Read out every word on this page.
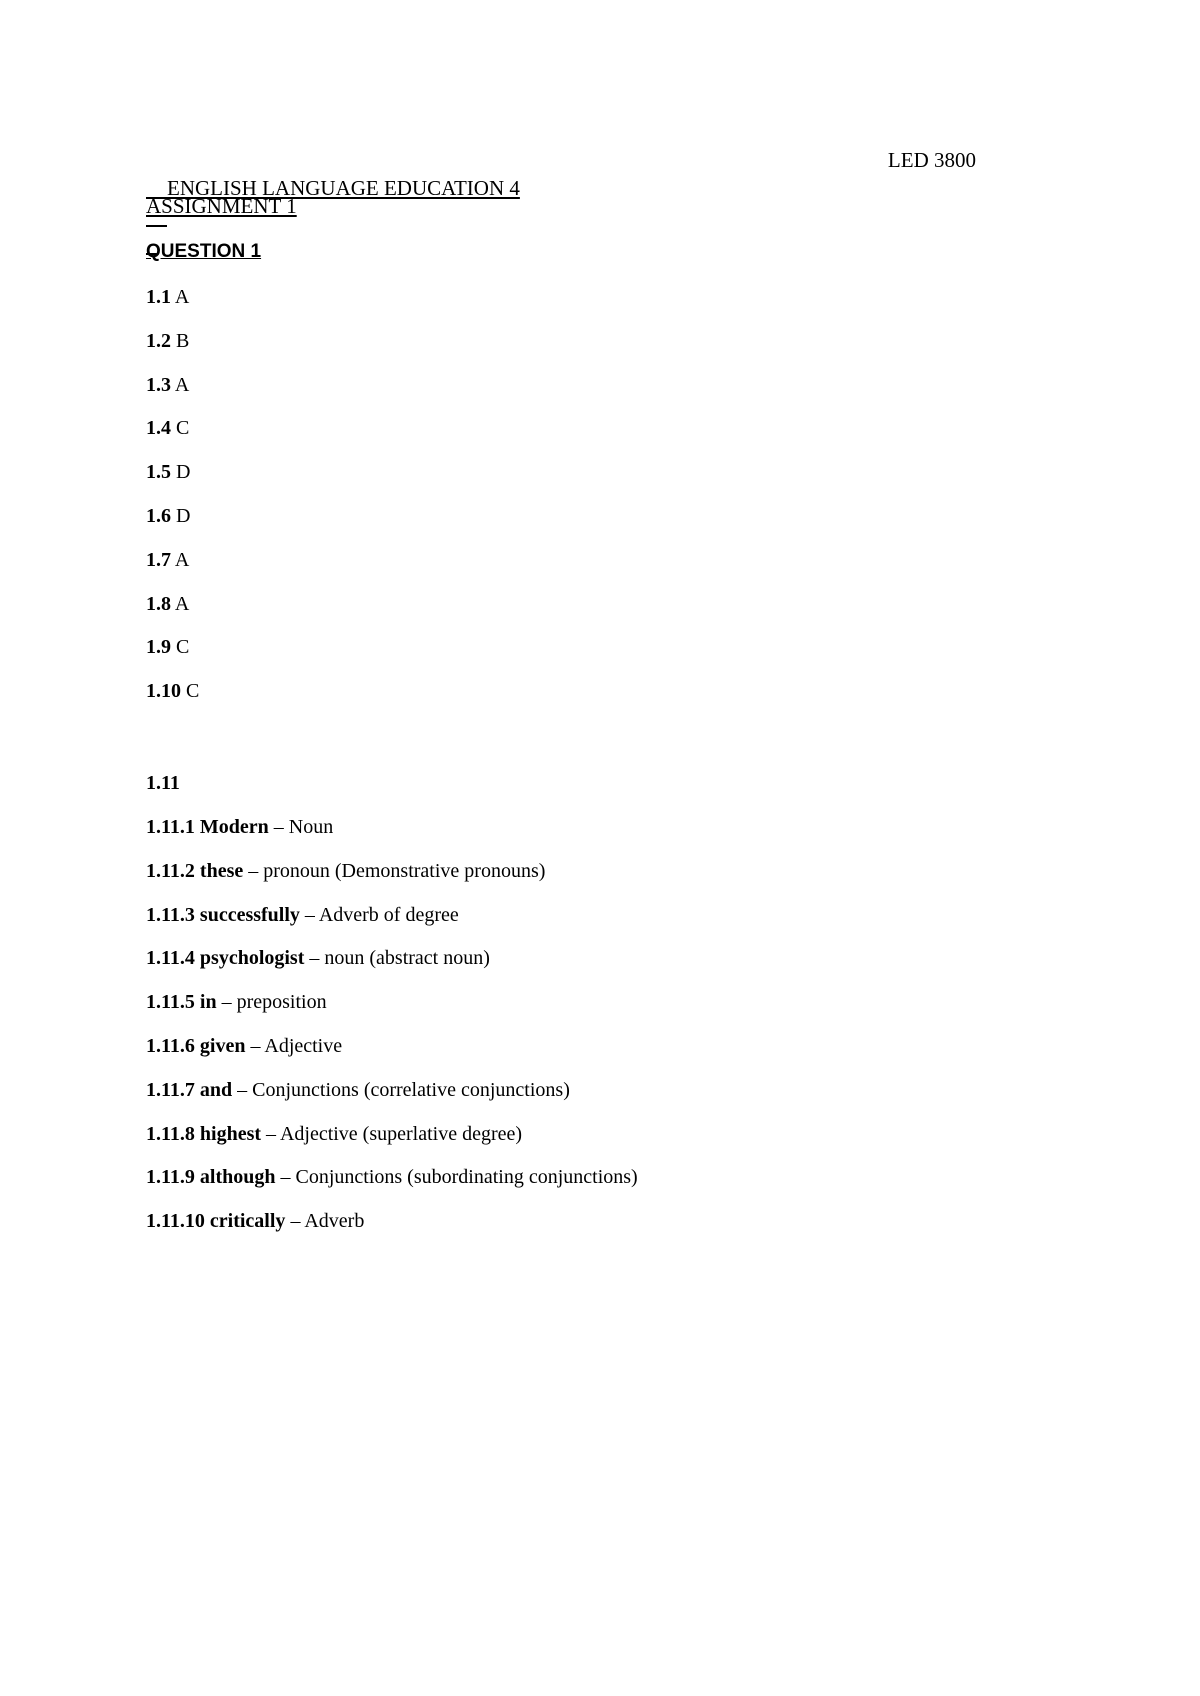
ENGLISH LANGUAGE EDUCATION 4

LED 3800

ASSIGNMENT 1
QUESTION 1
1.1 A
1.2 B
1.3 A
1.4 C
1.5 D
1.6 D
1.7 A
1.8 A
1.9 C
1.10 C
1.11
1.11.1 Modern – Noun
1.11.2 these – pronoun (Demonstrative pronouns)
1.11.3 successfully – Adverb of degree
1.11.4 psychologist – noun (abstract noun)
1.11.5 in – preposition
1.11.6 given – Adjective
1.11.7 and – Conjunctions (correlative conjunctions)
1.11.8 highest – Adjective (superlative degree)
1.11.9 although – Conjunctions (subordinating conjunctions)
1.11.10 critically – Adverb
